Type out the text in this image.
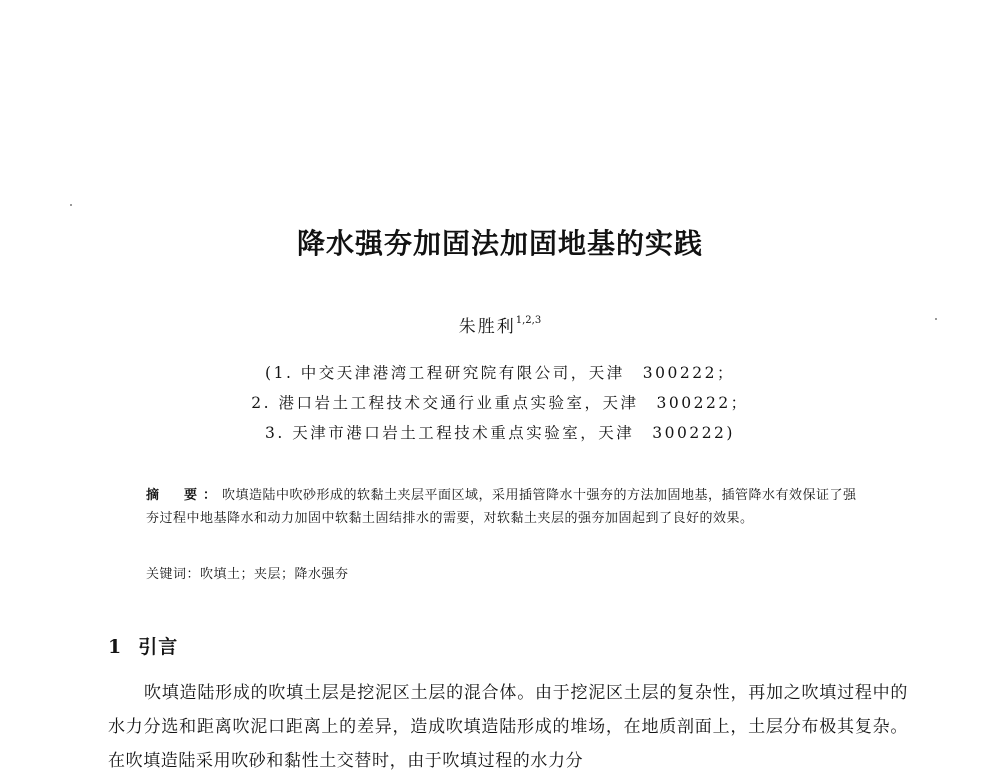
降水强夯加固法加固地基的实践
朱胜利$^{1,2,3}$
(1. 中交天津港湾工程研究院有限公司，天津　300222；
2. 港口岩土工程技术交通行业重点实验室，天津　300222；
3. 天津市港口岩土工程技术重点实验室，天津　300222)
摘　要：吹填造陆中吹砂形成的软黏土夹层平面区域，采用插管降水十强夯的方法加固地基，插管降水有效保证了强夯过程中地基降水和动力加固中软黏土固结排水的需要，对软黏土夹层的强夯加固起到了良好的效果。
关键词：吹填土；夹层；降水强夯
1 引言
吹填造陆形成的吹填土层是挖泥区土层的混合体。由于挖泥区土层的复杂性，再加之吹填过程中的水力分选和距离吹泥口距离上的差异，造成吹填造陆形成的堆场，在地质剖面上，土层分布极其复杂。在吹填造陆采用吹砂和黏性土交替时，由于吹填过程的水力分
